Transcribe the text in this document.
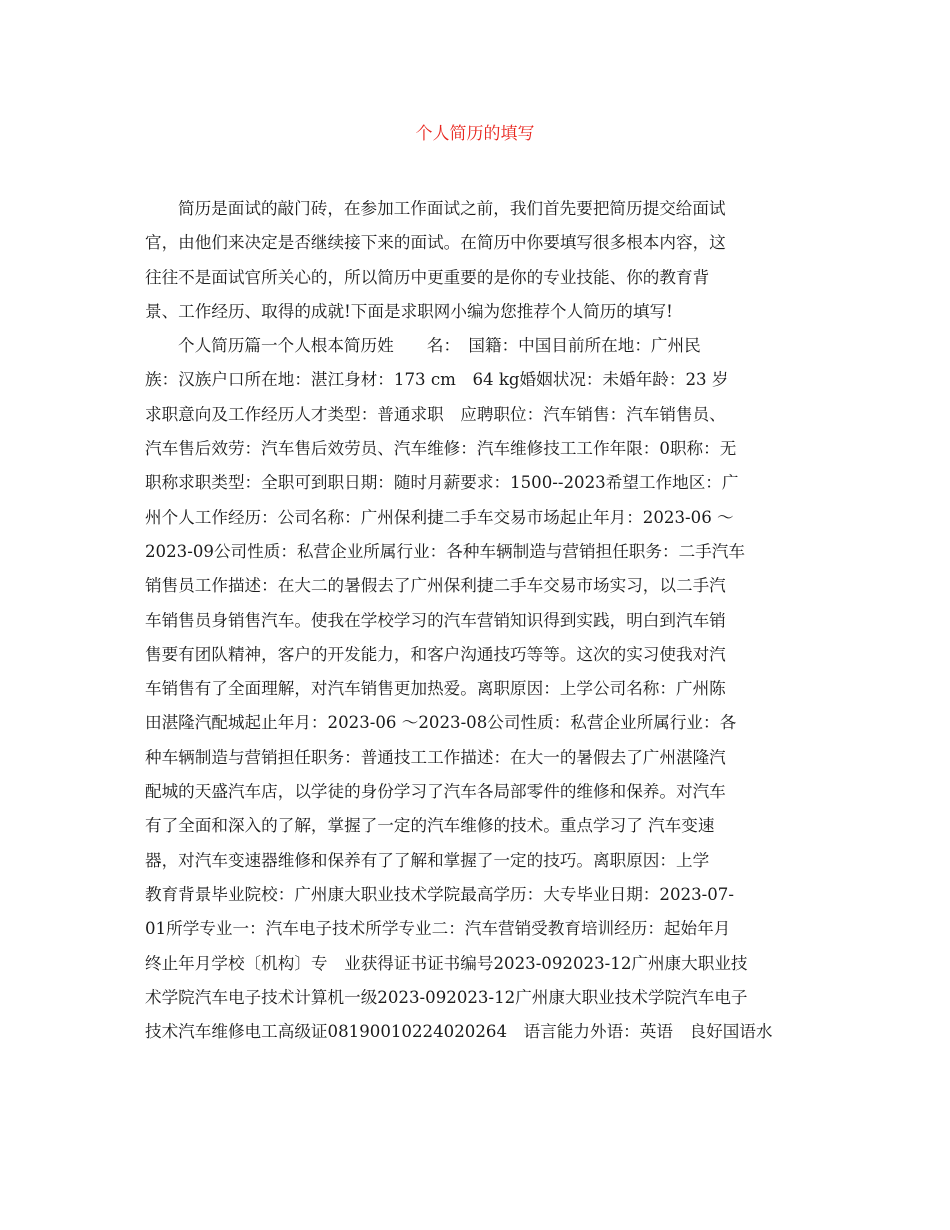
个人简历的填写
简历是面试的敲门砖，在参加工作面试之前，我们首先要把简历提交给面试
官，由他们来决定是否继续接下来的面试。在简历中你要填写很多根本内容，这
往往不是面试官所关心的，所以简历中更重要的是你的专业技能、你的教育背
景、工作经历、取得的成就!下面是求职网小编为您推荐个人简历的填写!
个人简历篇一个人根本简历姓　　名：　国籍：中国目前所在地：广州民
族：汉族户口所在地：湛江身材：173 cm　64 kg婚姻状况：未婚年龄：23 岁
求职意向及工作经历人才类型：普通求职　应聘职位：汽车销售：汽车销售员、
汽车售后效劳：汽车售后效劳员、汽车维修：汽车维修技工工作年限：0职称：无
职称求职类型：全职可到职日期：随时月薪要求：1500--2023希望工作地区：广
州个人工作经历：公司名称：广州保利捷二手车交易市场起止年月：2023-06 ～
2023-09公司性质：私营企业所属行业：各种车辆制造与营销担任职务：二手汽车
销售员工作描述：在大二的暑假去了广州保利捷二手车交易市场实习，以二手汽
车销售员身销售汽车。使我在学校学习的汽车营销知识得到实践，明白到汽车销
售要有团队精神，客户的开发能力，和客户沟通技巧等等。这次的实习使我对汽
车销售有了全面理解，对汽车销售更加热爱。离职原因：上学公司名称：广州陈
田湛隆汽配城起止年月：2023-06 ～2023-08公司性质：私营企业所属行业：各
种车辆制造与营销担任职务：普通技工工作描述：在大一的暑假去了广州湛隆汽
配城的天盛汽车店，以学徒的身份学习了汽车各局部零件的维修和保养。对汽车
有了全面和深入的了解，掌握了一定的汽车维修的技术。重点学习了 汽车变速
器，对汽车变速器维修和保养有了了解和掌握了一定的技巧。离职原因：上学
教育背景毕业院校：广州康大职业技术学院最高学历：大专毕业日期：2023-07-
01所学专业一：汽车电子技术所学专业二：汽车营销受教育培训经历：起始年月
终止年月学校〔机构〕专　业获得证书证书编号2023-092023-12广州康大职业技
术学院汽车电子技术计算机一级2023-092023-12广州康大职业技术学院汽车电子
技术汽车维修电工高级证08190010224020264　语言能力外语：英语　良好国语水
